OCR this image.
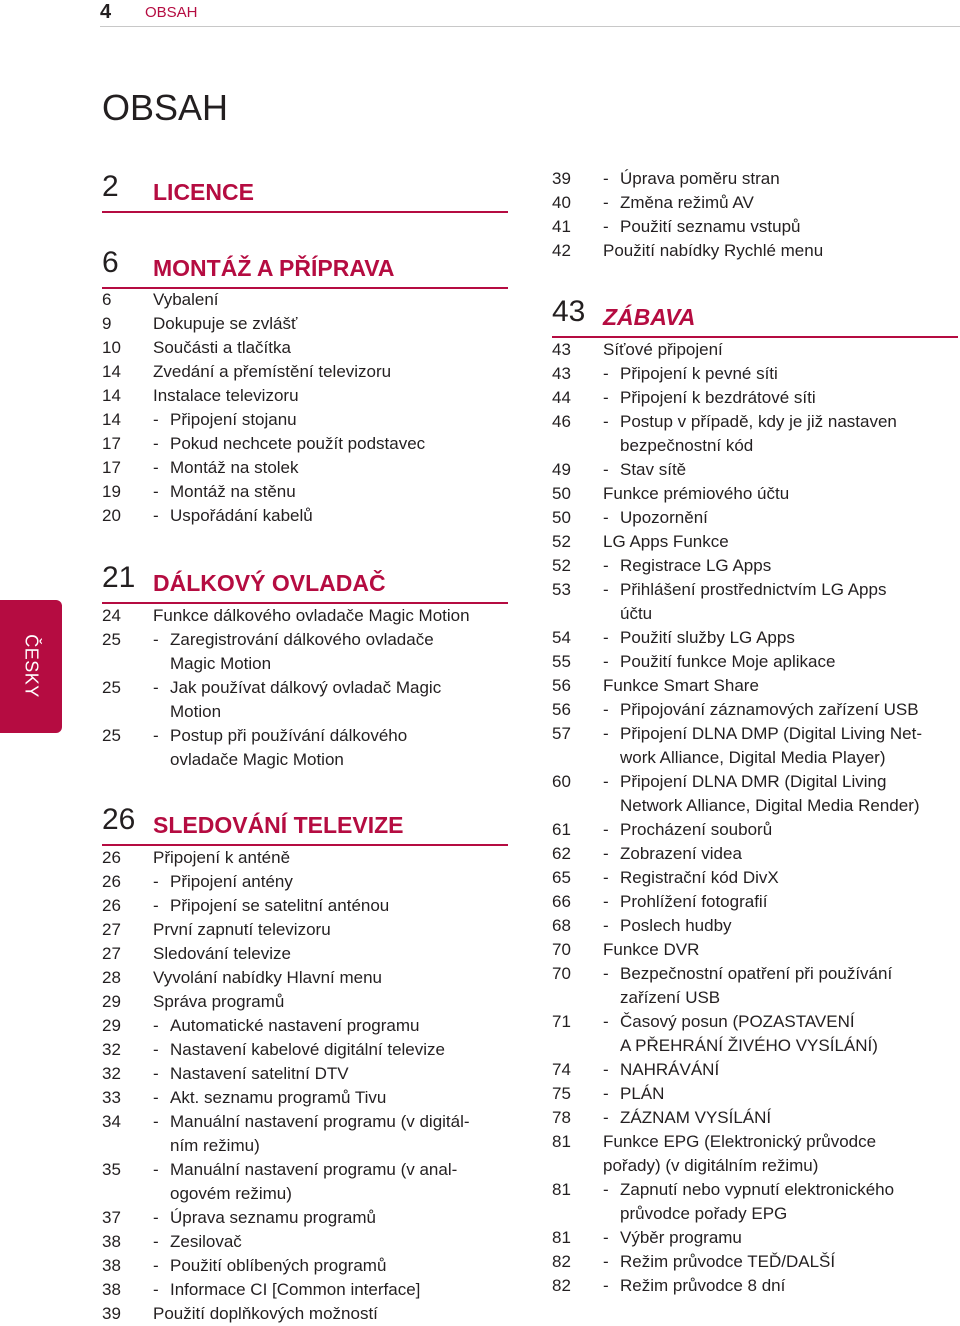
4 OBSAH
OBSAH
ČESKY
2 LICENCE
6 MONTÁŽ A PŘÍPRAVA
6 Vybalení
9 Dokupuje se zvlášť
10 Součásti a tlačítka
14 Zvedání a přemístění televizoru
14 Instalace televizoru
14 - Připojení stojanu
17 - Pokud nechcete použít podstavec
17 - Montáž na stolek
19 - Montáž na stěnu
20 - Uspořádání kabelů
21 DÁLKOVÝ OVLADAČ
24 Funkce dálkového ovladače Magic Motion
25 - Zaregistrování dálkového ovladače
Magic Motion
25 - Jak používat dálkový ovladač Magic
Motion
25 - Postup při používání dálkového
ovladače Magic Motion
26 SLEDOVÁNÍ TELEVIZE
26 Připojení k anténě
26 - Připojení antény
26 - Připojení se satelitní anténou
27 První zapnutí televizoru
27 Sledování televize
28 Vyvolání nabídky Hlavní menu
29 Správa programů
29 - Automatické nastavení programu
32 - Nastavení kabelové digitální televize
32 - Nastavení satelitní DTV
33 - Akt. seznamu programů Tivu
34 - Manuální nastavení programu (v digitál-
ním režimu)
35 - Manuální nastavení programu (v anal-
ogovém režimu)
37 - Úprava seznamu programů
38 - Zesilovač
38 - Použití oblíbených programů
38 - Informace CI [Common interface]
39 Použití doplňkových možností
39 - Úprava poměru stran
40 - Změna režimů AV
41 - Použití seznamu vstupů
42 Použití nabídky Rychlé menu
43 ZÁBAVA
43 Síťové připojení
43 - Připojení k pevné síti
44 - Připojení k bezdrátové síti
46 - Postup v případě, kdy je již nastaven
bezpečnostní kód
49 - Stav sítě
50 Funkce prémiového účtu
50 - Upozornění
52 LG Apps Funkce
52 - Registrace LG Apps
53 - Přihlášení prostřednictvím LG Apps
účtu
54 - Použití služby LG Apps
55 - Použití funkce Moje aplikace
56 Funkce Smart Share
56 - Připojování záznamových zařízení USB
57 - Připojení DLNA DMP (Digital Living Net-
work Alliance, Digital Media Player)
60 - Připojení DLNA DMR (Digital Living
Network Alliance, Digital Media Render)
61 - Procházení souborů
62 - Zobrazení videa
65 - Registrační kód DivX
66 - Prohlížení fotografií
68 - Poslech hudby
70 Funkce DVR
70 - Bezpečnostní opatření při používání
zařízení USB
71 - Časový posun (POZASTAVENÍ
A PŘEHRÁNÍ ŽIVÉHO VYSÍLÁNÍ)
74 - NAHRÁVÁNÍ
75 - PLÁN
78 - ZÁZNAM VYSÍLÁNÍ
81 Funkce EPG (Elektronický průvodce
pořady) (v digitálním režimu)
81 - Zapnutí nebo vypnutí elektronického
průvodce pořady EPG
81 - Výběr programu
82 - Režim průvodce TEĎ/DALŠÍ
82 - Režim průvodce 8 dní
